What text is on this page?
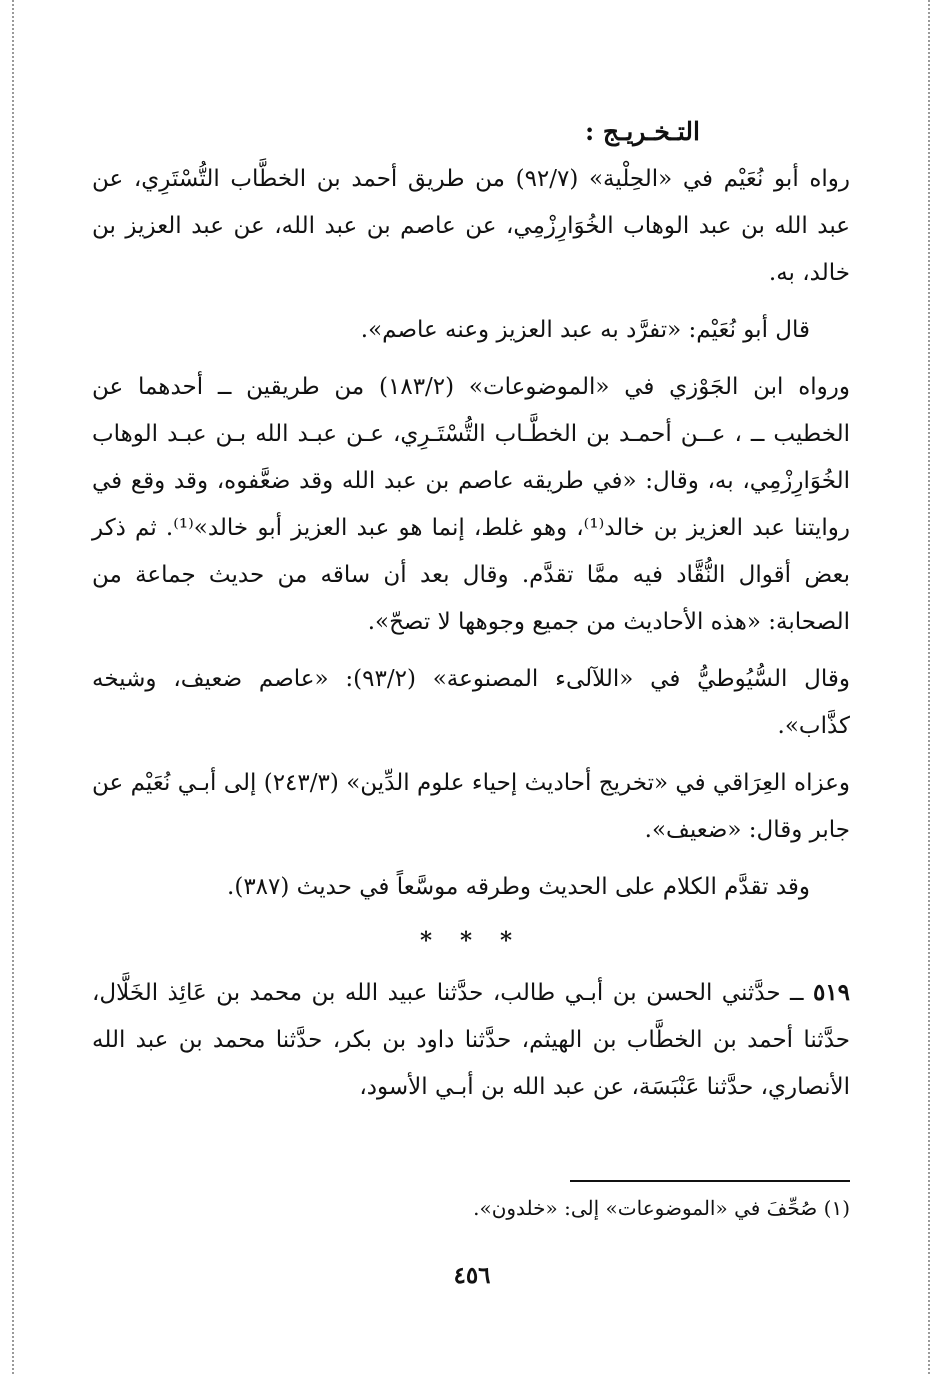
التـخـريـج :

رواه أبو نُعَيْم في «الحِلْية» (٩٢/٧) من طريق أحمد بن الخطَّاب التُّسْتَرِي، عن عبد الله بن عبد الوهاب الخُوَارِزْمِي، عن عاصم بن عبد الله، عن عبد العزيز بن خالد، به.

قال أبو نُعَيْم: «تفرَّد به عبد العزيز وعنه عاصم».

ورواه ابن الجَوْزي في «الموضوعات» (١٨٣/٢) من طريقين ــ أحدهما عن الخطيب ــ ، عــن أحمـد بن الخطَّـاب التُّسْتَـرِي، عـن عبـد الله بـن عبـد الوهاب الخُوَارِزْمِي، به، وقال: «في طريقه عاصم بن عبد الله وقد ضعَّفوه، وقد وقع في روايتنا عبد العزيز بن خالد⁽¹⁾، وهو غلط، إنما هو عبد العزيز أبو خالد»⁽¹⁾. ثم ذكر بعض أقوال النُّقَّاد فيه ممَّا تقدَّم. وقال بعد أن ساقه من حديث جماعة من الصحابة: «هذه الأحاديث من جميع وجوهها لا تصحّ».

وقال السُّيُوطيُّ في «اللآلىء المصنوعة» (٩٣/٢): «عاصم ضعيف، وشيخه كذَّاب».

وعزاه العِرَاقي في «تخريج أحاديث إحياء علوم الدِّين» (٢٤٣/٣) إلى أبـي نُعَيْم عن جابر وقال: «ضعيف».

وقد تقدَّم الكلام على الحديث وطرقه موسَّعاً في حديث (٣٨٧).

* * *

٥١٩ ــ حدَّثني الحسن بن أبـي طالب، حدَّثنا عبيد الله بن محمد بن عَائِذ الخَلَّال، حدَّثنا أحمد بن الخطَّاب بن الهيثم، حدَّثنا داود بن بكر، حدَّثنا محمد بن عبد الله الأنصاري، حدَّثنا عَنْبَسَة، عن عبد الله بن أبـي الأسود،

(١) صُحِّفَ في «الموضوعات» إلى: «خلدون».
٤٥٦
